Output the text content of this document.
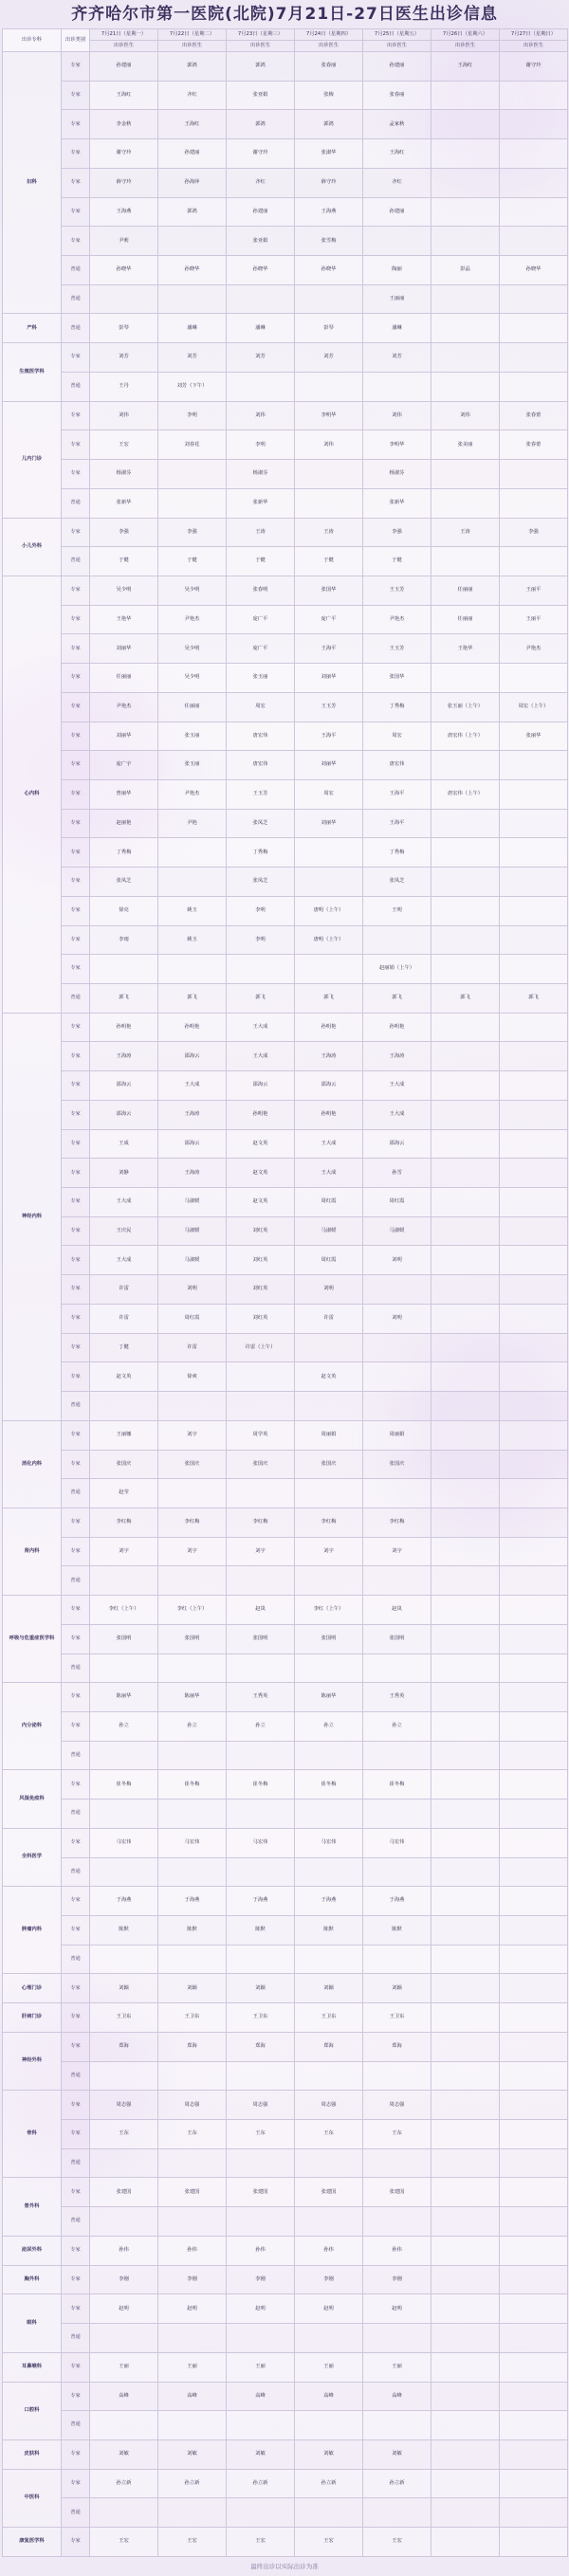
齐齐哈尔市第一医院(北院)7月21日-27日医生出诊信息
出诊专科	出诊类别	7月21日（星期一）	7月22日（星期二）	7月23日（星期三）	7月24日（星期四）	7月25日（星期五）	7月26日（星期六）	7月27日（星期日）
		出诊医生	出诊医生	出诊医生	出诊医生	出诊医生	出诊医生	出诊医生
妇科	专家	孙建丽	郭鸿	郭鸿	张春丽	孙建丽	王海红	谢守玲
	专家	王海红	齐红	张亚娟	张梅	张春丽		
	专家	李金秋	王海红	郭鸿	郭鸿	孟家秋		
	专家	谢守玲	孙建丽	谢守玲	张淑华	王海红		
	专家	薛守玲	孙海萍	齐红	薛守玲	齐红		
	专家	王海燕	郭鸿	孙建丽	王海燕	孙建丽		
	专家	尹莉		张亚娟	张雪梅			
	普通	孙晓华	孙晓华	孙晓华	孙晓华	陶丽	彭晶	孙晓华
	普通					王丽丽		
产科	普通	彭琴	潘琳	潘琳	彭琴	潘琳		
生殖医学科	专家	刘芳	刘芳	刘芳	刘芳	刘芳		
	普通	王丹	刘芳（下午）					
儿内门诊	专家	刘伟	李明	刘伟	李明华	刘伟	刘伟	张春蕾
	专家	王宏	刘春花	李明	刘伟	李明华	张美丽	张春蕾
	专家	杨淑芬		杨淑芬		杨淑芬		
	普通	张新华		张新华		张新华		
小儿外科	专家	李强	李强	王涛	王涛	李强	王涛	李强
	普通	于健	于健	于健	于健	于健		
心内科	专家	吴少明	吴少明	张春明	张国华	王玉芳	任丽丽	王丽平
	专家	王艳华	尹艳杰	庞广平	庞广平	尹艳杰	任丽丽	王丽平
	专家	刘丽华	吴少明	庞广平	王海平	王玉芳	王艳华	尹艳杰
	专家	任丽丽	吴少明	张玉丽	刘丽华	张国华		
	专家	尹艳杰	任丽丽	周宏	王玉芳	丁秀梅	张玉丽（上午）	周宏（上午）
	专家	刘丽华	张玉丽	唐宏伟	王海平	周宏	唐宏伟（上午）	张丽华
	专家	庞广宇	张玉丽	唐宏伟	刘丽华	唐宏伟		
	专家	曾丽华	尹艳杰	王玉芳	周宏	王海平	唐宏伟（上午）	
	专家	赵丽艳	尹艳	张凤芝	刘丽华	王海平		
	专家	丁秀梅		丁秀梅		丁秀梅		
	专家	张凤芝		张凤芝		张凤芝		
	专家	徐亮	姚玉	李明	唐明（上午）	王明		
	专家	李雨	姚玉	李明	唐明（上午）			
	专家					赵丽娟（上午）		
	普通	郭飞	郭飞	郭飞	郭飞	郭飞	郭飞	郭飞
神经内科	专家	孙明艳	孙明艳	王大成	孙明艳	孙明艳		
	专家	王海涛	邵海云	王大成	王海涛	王海涛		
	专家	邵海云	王大成	邵海云	邵海云	王大成		
	专家	邵海云	王海涛	孙明艳	孙明艳	王大成		
	专家	王成	邵海云	赵文英	王大成	邵海云		
	专家	刘静	王海涛	赵文英	王大成	孙雪		
	专家	王大成	马淑媛	赵文英	周红霞	周红霞		
	专家	王庆民	马淑媛	刘红英	马淑媛	马淑媛		
	专家	王大成	马淑媛	刘红英	周红霞	刘明		
	专家	许雷	刘明	刘红英	刘明			
	专家	许雷	周红霞	刘红英	许雷	刘明		
	专家	丁健	许雷	许雷（上午）				
	专家	赵文英	徐爽		赵文英			
	普通							
消化内科	专家	王丽娜	刘宇	周学英	周丽娟	周丽娟		
	专家	张国庆	张国庆	张国庆	张国庆	张国庆		
	普通	赵莹						
肾内科	专家	李红梅	李红梅	李红梅	李红梅	李红梅		
	专家	刘宇	刘宇	刘宇	刘宇	刘宇		
	普通							
呼吸与危重症医学科	专家	李红（上午）	李红（上午）	赵岚	李红（上午）	赵岚		
	专家	张国明	张国明	张国明	张国明	张国明		
	普通							
内分泌科	专家	陈丽华	陈丽华	王秀英	陈丽华	王秀英		
	专家	孙立	孙立	孙立	孙立	孙立		
	普通							
风湿免疫科	专家	崔冬梅	崔冬梅	崔冬梅	崔冬梅	崔冬梅		
	普通							
全科医学	专家	马宏伟	马宏伟	马宏伟	马宏伟	马宏伟		
	普通							
肿瘤内科	专家	于海燕	于海燕	于海燕	于海燕	于海燕		
	专家	陈默	陈默	陈默	陈默	陈默		
	普通							
心理门诊	专家	刘颖	刘颖	刘颖	刘颖	刘颖		
肝病门诊	专家	王卫东	王卫东	王卫东	王卫东	王卫东		
神经外科	专家	郑海	郑海	郑海	郑海	郑海		
	普通							
骨科	专家	周志强	周志强	周志强	周志强	周志强		
	专家	王东	王东	王东	王东	王东		
	普通							
普外科	专家	张建国	张建国	张建国	张建国	张建国		
	普通							
泌尿外科	专家	孙伟	孙伟	孙伟	孙伟	孙伟		
胸外科	专家	李刚	李刚	李刚	李刚	李刚		
眼科	专家	赵明	赵明	赵明	赵明	赵明		
	普通							
耳鼻喉科	专家	王丽	王丽	王丽	王丽	王丽		
口腔科	专家	高峰	高峰	高峰	高峰	高峰		
	普通							
皮肤科	专家	刘敏	刘敏	刘敏	刘敏	刘敏		
中医科	专家	孙立新	孙立新	孙立新	孙立新	孙立新		
	普通							
康复医学科	专家	王宏	王宏	王宏	王宏	王宏		
最终出诊以实际出诊为准
